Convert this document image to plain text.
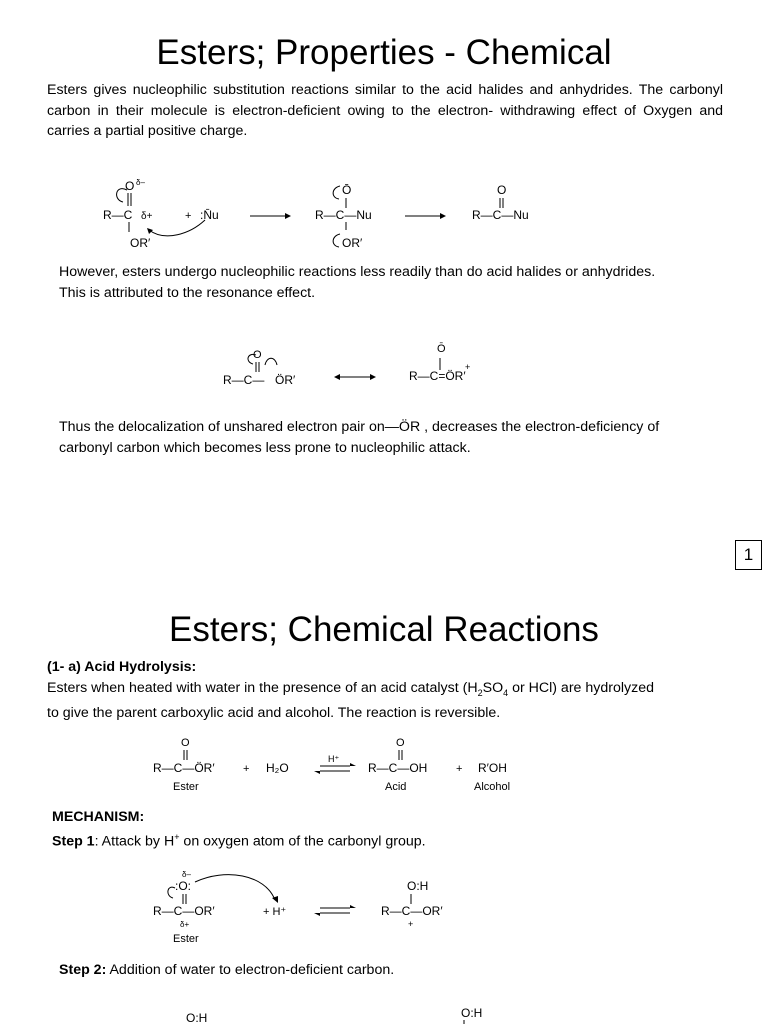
Esters; Properties - Chemical
Esters gives nucleophilic substitution reactions similar to the acid halides and anhydrides. The carbonyl carbon in their molecule is electron-deficient owing to the electron- withdrawing effect of Oxygen and carries a partial positive charge.
O δ–
R—C δ+
OR′
+ :N̄u
Ō
R—C—Nu
OR′
O
R—C—Nu
However, esters undergo nucleophilic reactions less readily than do acid halides or anhydrides.
This is attributed to the resonance effect.
O
R—C— ÖR′
Ō
R—C=ÖR′
+
Thus the delocalization of unshared electron pair on—ÖR , decreases the electron-deficiency of
carbonyl carbon which becomes less prone to nucleophilic attack.
1
Esters; Chemical Reactions
(1- a) Acid Hydrolysis:
Esters when heated with water in the presence of an acid catalyst ($H_2SO_4$ or HCl) are hydrolyzed
to give the parent carboxylic acid and alcohol. The reaction is reversible.
O
R—C—ÖR′
Ester
+ H₂O
H⁺
O
R—C—OH
Acid
+ R′OH
Alcohol
MECHANISM:
Step 1: Attack by H+ on oxygen atom of the carbonyl group.
δ–
:O:
R—C—OR′
δ+
Ester
+ H⁺
O:H
R—C—OR′
+
Step 2: Addition of water to electron-deficient carbon.
O:H	O:H
